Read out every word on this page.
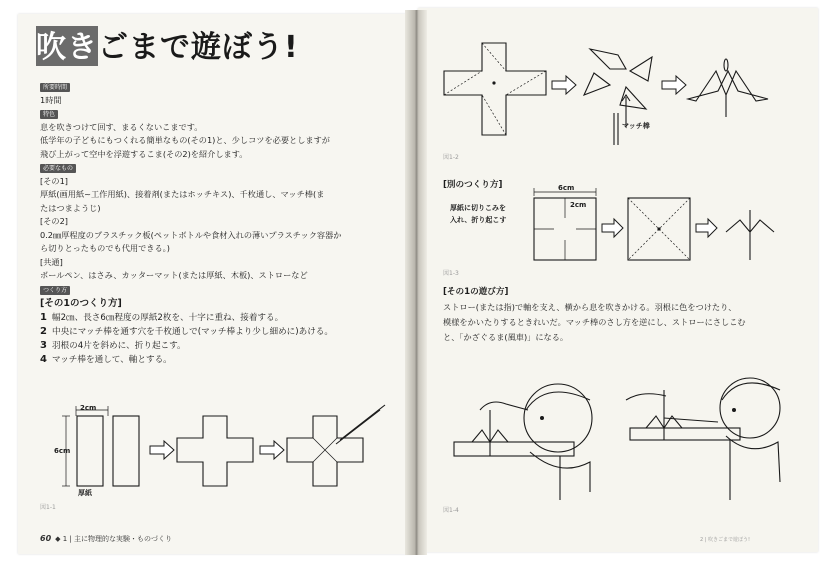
吹きごまで遊ぼう!

所要時間

1時間

特色

息を吹きつけて回す、まるくないこまです。

低学年の子どもにもつくれる簡単なもの(その1)と、少しコツを必要としますが

飛び上がって空中を浮遊するこま(その2)を紹介します。

必要なもの

[その1]

厚紙(画用紙~工作用紙)、接着剤(またはホッチキス)、千枚通し、マッチ棒(ま

たはつまようじ)

[その2]

0.2㎜厚程度のプラスチック板(ペットボトルや食材入れの薄いプラスチック容器か

ら切りとったものでも代用できる。)

[共通]

ボールペン、はさみ、カッターマット(または厚紙、木板)、ストローなど

つくり方

[その1のつくり方]

1 幅2㎝、長さ6㎝程度の厚紙2枚を、十字に重ね、接着する。

2 中央にマッチ棒を通す穴を千枚通しで(マッチ棒より少し細めに)あける。

3 羽根の4片を斜めに、折り起こす。

4 マッチ棒を通して、軸とする。

2cm
6cm
厚紙
図1-1
60 ◆ 1 | 主に物理的な実験・ものづくり
マッチ棒
図1-2
[別のつくり方]
厚紙に切りこみを
入れ、折り起こす
6cm
2cm
図1-3
[その1の遊び方]

ストロー(または指)で軸を支え、横から息を吹きかける。羽根に色をつけたり、

模様をかいたりするときれいだ。マッチ棒のさし方を逆にし、ストローにさしこむ

と、「かざぐるま(風車)」になる。

図1-4
2 | 吹きごまで遊ぼう!
